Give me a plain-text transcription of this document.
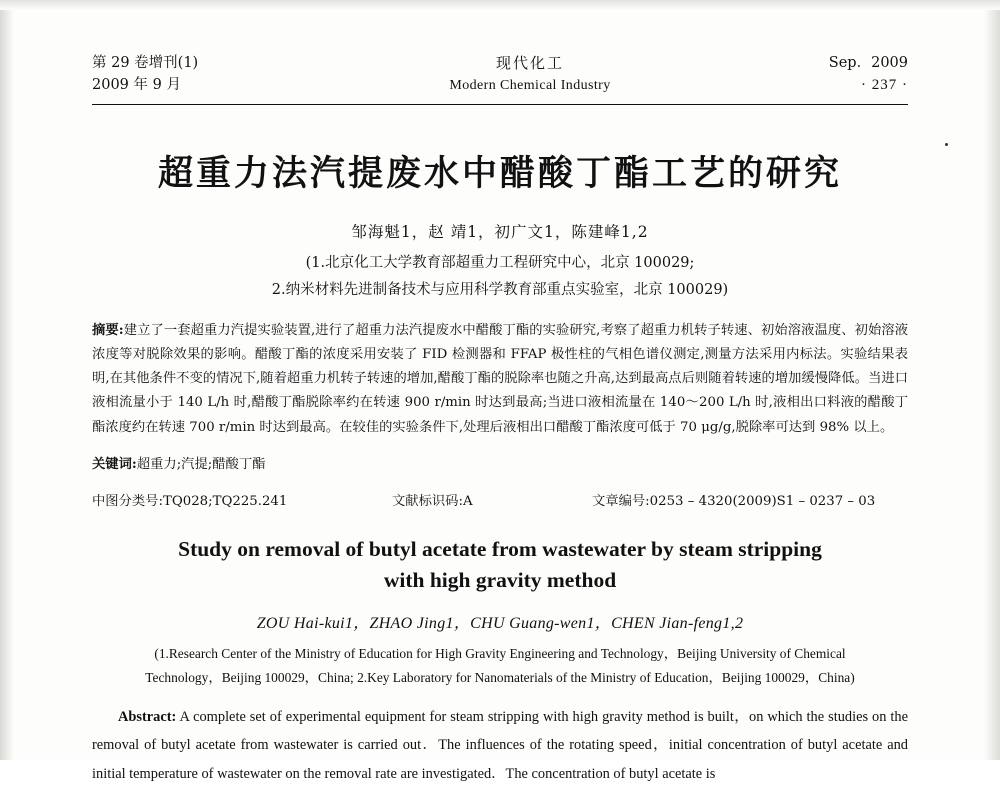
第 29 卷增刊(1)
2009 年 9 月
现代化工
Modern Chemical Industry
Sep．2009
· 237 ·
超重力法汽提废水中醋酸丁酯工艺的研究
邹海魁1，赵 靖1，初广文1，陈建峰1,2
(1.北京化工大学教育部超重力工程研究中心，北京 100029;
2.纳米材料先进制备技术与应用科学教育部重点实验室，北京 100029)

摘要:建立了一套超重力汽提实验装置,进行了超重力法汽提废水中醋酸丁酯的实验研究,考察了超重力机转子转速、初始溶液温度、初始溶液浓度等对脱除效果的影响。醋酸丁酯的浓度采用安装了 FID 检测器和 FFAP 极性柱的气相色谱仪测定,测量方法采用内标法。实验结果表明,在其他条件不变的情况下,随着超重力机转子转速的增加,醋酸丁酯的脱除率也随之升高,达到最高点后则随着转速的增加缓慢降低。当进口液相流量小于 140 L/h 时,醋酸丁酯脱除率约在转速 900 r/min 时达到最高;当进口液相流量在 140～200 L/h 时,液相出口料液的醋酸丁酯浓度约在转速 700 r/min 时达到最高。在较佳的实验条件下,处理后液相出口醋酸丁酯浓度可低于 70 μg/g,脱除率可达到 98% 以上。

关键词:超重力;汽提;醋酸丁酯

中图分类号:TQ028;TQ225.241	文献标识码:A	文章编号:0253 – 4320(2009)S1 – 0237 – 03
Study on removal of butyl acetate from wastewater by steam stripping
with high gravity method
ZOU Hai-kui1，ZHAO Jing1，CHU Guang-wen1，CHEN Jian-feng1,2
(1.Research Center of the Ministry of Education for High Gravity Engineering and Technology，Beijing University of Chemical
Technology，Beijing 100029，China; 2.Key Laboratory for Nanomaterials of the Ministry of Education，Beijing 100029，China)

Abstract: A complete set of experimental equipment for steam stripping with high gravity method is built，on which the studies on the removal of butyl acetate from wastewater is carried out．The influences of the rotating speed，initial concentration of butyl acetate and initial temperature of wastewater on the removal rate are investigated．The concentration of butyl acetate is
